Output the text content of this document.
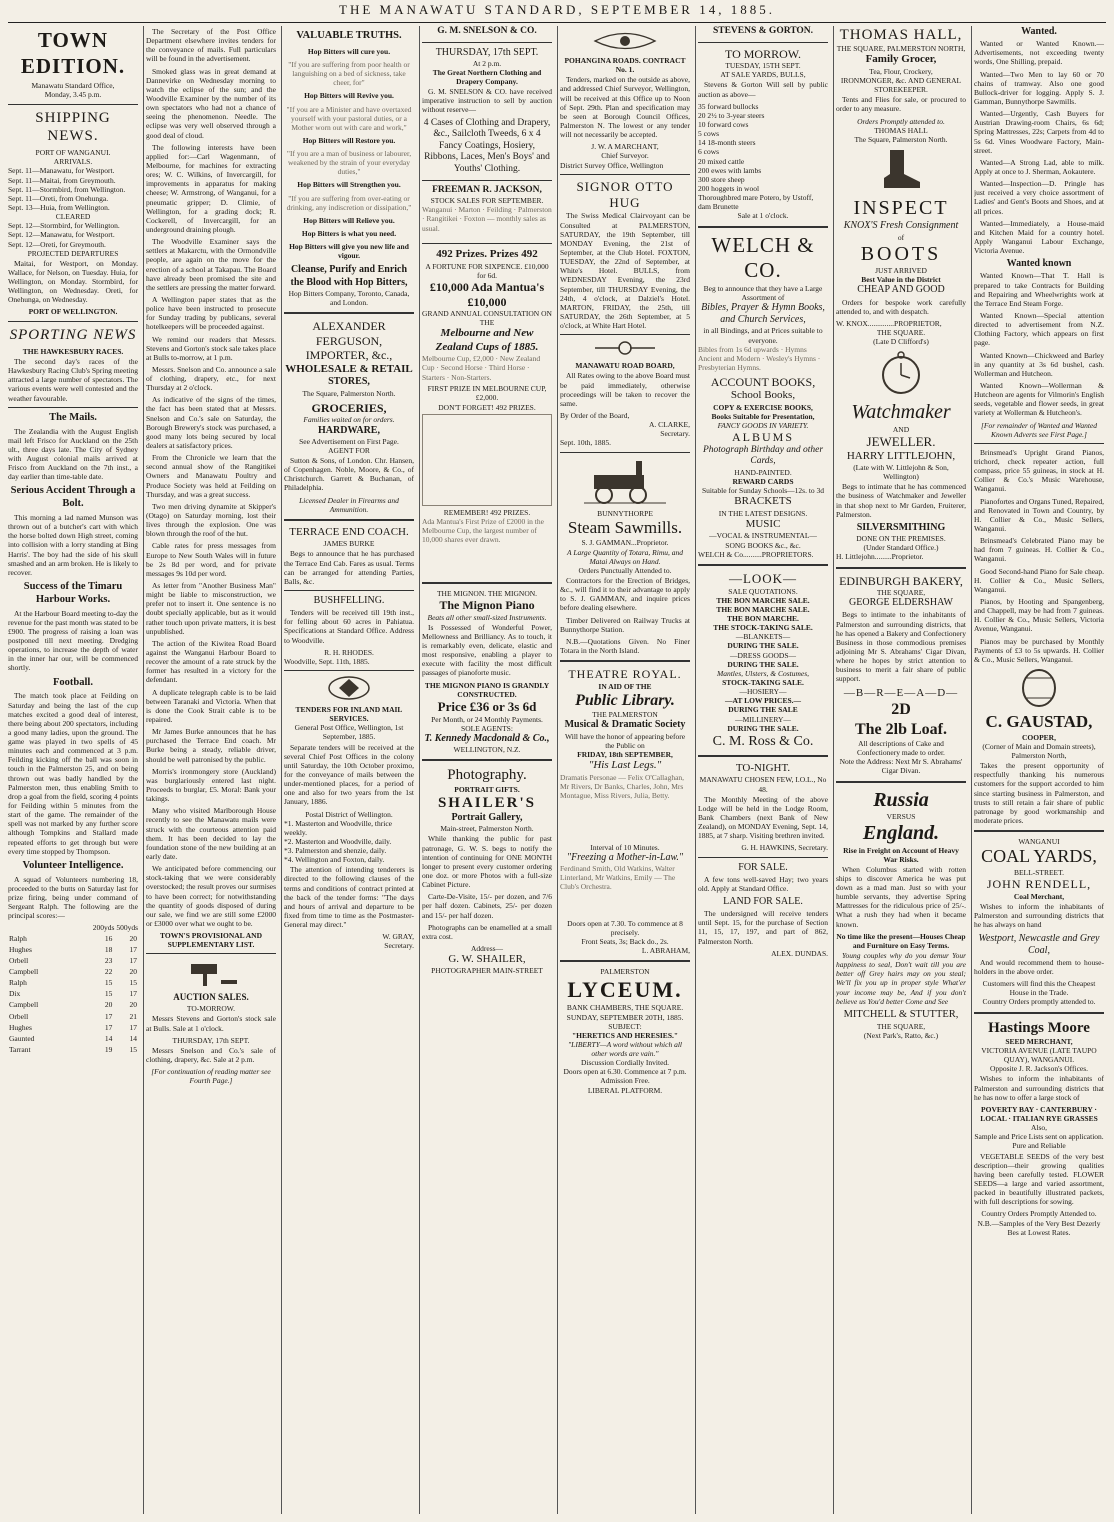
THE MANAWATU STANDARD, SEPTEMBER 14, 1885.
TOWN EDITION.
Manawatu Standard Office,
Monday, 3.45 p.m.
SHIPPING NEWS.
PORT OF WANGANUI.
ARRIVALS.
Sept. 11—Manawatu, for Westport.
Sept. 11—Maitai, from Greymouth.
Sept. 11—Stormbird, from Wellington.
Sept. 11—Oreti, from Onehunga.
Sept. 13—Huia, from Wellington.
CLEARED
Sept. 12—Stormbird, for Wellington.
Sept. 12—Manawatu, for Westport.
Sept. 12—Oreti, for Greymouth.
PROJECTED DEPARTURES

Maitai, for Westport, on Monday. Wallace, for Nelson, on Tuesday. Huia, for Wellington, on Monday. Stormbird, for Wellington, on Wednesday. Oreti, for Onehunga, on Wednesday.

PORT OF WELLINGTON.
SPORTING NEWS
THE HAWKESBURY RACES.

The second day's races of the Hawkesbury Racing Club's Spring meeting attracted a large number of spectators. The various events were well contested and the weather favourable.

The Mails.

The Zealandia with the August English mail left Frisco for Auckland on the 25th ult., three days late. The City of Sydney with August colonial mails arrived at Frisco from Auckland on the 7th inst., a day earlier than time-table date.

Serious Accident Through a Bolt.

This morning a lad named Munson was thrown out of a butcher's cart with which the horse bolted down High street, coming into collision with a lorry standing at Bing Harris'. The boy had the side of his skull smashed and an arm broken. He is likely to recover.

Success of the Timaru Harbour Works.

At the Harbour Board meeting to-day the revenue for the past month was stated to be £900. The progress of raising a loan was postponed till next meeting. Dredging operations, to increase the depth of water in the inner har our, will be commenced shortly.

Football.

The match took place at Feilding on Saturday and being the last of the cup matches excited a good deal of interest, there being about 200 spectators, including a good many ladies, upon the ground. The game was played in two spells of 45 minutes each and commenced at 3 p.m. Feilding kicking off the ball was soon in touch in the Palmerston 25, and on being thrown out was badly handled by the Palmerston men, thus enabling Smith to drop a goal from the field, scoring 4 points for Feilding within 5 minutes from the start of the game. The remainder of the spell was not marked by any further score although Tompkins and Stallard made repeated efforts to get through but were every time stopped by Thompson.

Volunteer Intelligence.

A squad of Volunteers numbering 18, proceeded to the butts on Saturday last for prize firing, being under command of Sergeant Ralph. The following are the principal scores:—

200yds 500yds
Ralph	16	20
Hughes	18	17
Orbell	23	17
Campbell	22	20
Ralph	15	15
Dix	15	17
Campbell	20	20
Orbell	17	21
Hughes	17	17
Gaunted	14	14
Tarrant	19	15

The Secretary of the Post Office Department elsewhere invites tenders for the conveyance of mails. Full particulars will be found in the advertisement.

Smoked glass was in great demand at Dannevirke on Wednesday morning to watch the eclipse of the sun; and the Woodville Examiner by the number of its own spectators who had not a chance of seeing the phenomenon. Needle. The eclipse was very well observed through a good deal of cloud.

The following interests have been applied for:—Carl Wagenmann, of Melbourne, for machines for extracting ores; W. C. Wilkins, of Invercargill, for improvements in apparatus for making cheese; W. Armstrong, of Wanganui, for a pneumatic gripper; D. Climie, of Wellington, for a grading dock; R. Cockerell, of Invercargill, for an underground draining plough.

The Woodville Examiner says the settlers at Makarctu, with the Ormondville people, are again on the move for the erection of a school at Takapau. The Board have already been promised the site and the settlers are pressing the matter forward.

A Wellington paper states that as the police have been instructed to prosecute for Sunday trading by publicans, several hotelkeepers will be proceeded against.

We remind our readers that Messrs. Stevens and Gorton's stock sale takes place at Bulls to-morrow, at 1 p.m.

Messrs. Snelson and Co. announce a sale of clothing, drapery, etc., for next Thursday at 2 o'clock.

As indicative of the signs of the times, the fact has been stated that at Messrs. Snelson and Co.'s sale on Saturday, the Borough Brewery's stock was purchased, a good many lots being secured by local dealers at satisfactory prices.

From the Chronicle we learn that the second annual show of the Rangitikei Owners and Manawatu Poultry and Produce Society was held at Feilding on Thursday, and was a great success.

Two men driving dynamite at Skipper's (Otago) on Saturday morning, lost their lives through the explosion. One was blown through the roof of the hut.

Cable rates for press messages from Europe to New South Wales will in future be 2s 8d per word, and for private messages 9s 10d per word.

As letter from "Another Business Man" might be liable to misconstruction, we prefer not to insert it. One sentence is no doubt specially applicable, but as it would rather touch upon private matters, it is best unpublished.

The action of the Kiwitea Road Board against the Wanganui Harbour Board to recover the amount of a rate struck by the former has resulted in a victory for the defendant.

A duplicate telegraph cable is to be laid between Taranaki and Victoria. When that is done the Cook Strait cable is to be repaired.

Mr James Burke announces that he has purchased the Terrace End coach. Mr Burke being a steady, reliable driver, should be well patronised by the public.

Morris's ironmongery store (Auckland) was burglariously entered last night. Proceeds to burglar, £5. Moral: Bank your takings.

Many who visited Marlborough House recently to see the Manawatu mails were struck with the courteous attention paid them. It has been decided to lay the foundation stone of the new building at an early date.

We anticipated before commencing our stock-taking that we were considerably overstocked; the result proves our surmises to have been correct; for notwithstanding the quantity of goods disposed of during our sale, we find we are still some £2000 or £3000 over what we ought to be.

TOWN'S PROVISIONAL AND SUPPLEMENTARY LIST.
AUCTION SALES.
TO-MORROW.

Messrs Stevens and Gorton's stock sale at Bulls. Sale at 1 o'clock.

THURSDAY, 17th SEPT.

Messrs Snelson and Co.'s sale of clothing, drapery, &c. Sale at 2 p.m.

[For continuation of reading matter see Fourth Page.]
VALUABLE TRUTHS.
Hop Bitters will cure you.
"If you are suffering from poor health or languishing on a bed of sickness, take cheer, for"
Hop Bitters will Revive you.
"If you are a Minister and have overtaxed yourself with your pastoral duties, or a Mother worn out with care and work,"
Hop Bitters will Restore you.
"If you are a man of business or labourer, weakened by the strain of your everyday duties,"
Hop Bitters will Strengthen you.
"If you are suffering from over-eating or drinking, any indiscretion or dissipation,"
Hop Bitters will Relieve you.
Hop Bitters is what you need.
Hop Bitters will give you new life and vigour.
Cleanse, Purify and Enrich the Blood with Hop Bitters,
Hop Bitters Company, Toronto, Canada, and London.
ALEXANDER FERGUSON,
IMPORTER, &c.,
WHOLESALE & RETAIL
STORES,
The Square, Palmerston North.
GROCERIES,
Families waited on for orders.
HARDWARE,
See Advertisement on First Page.
AGENT FOR

Sutton & Sons, of London. Chr. Hansen, of Copenhagen. Noble, Moore, & Co., of Christchurch. Garrett & Buchanan, of Philadelphia.

Licensed Dealer in Firearms and Ammunition.
TERRACE END COACH.
JAMES BURKE

Begs to announce that he has purchased the Terrace End Cab. Fares as usual. Terms can be arranged for attending Parties, Balls, &c.

BUSHFELLING.

Tenders will be received till 19th inst., for felling about 60 acres in Pahiatua. Specifications at Standard Office. Address to Woodville.

R. H. RHODES.
Woodville, Sept. 11th, 1885.
TENDERS FOR INLAND MAIL SERVICES.
General Post Office, Wellington, 1st September, 1885.

Separate tenders will be received at the several Chief Post Offices in the colony until Saturday, the 10th October proximo, for the conveyance of mails between the under-mentioned places, for a period of one and also for two years from the 1st January, 1886.

Postal District of Wellington.
*1. Masterton and Woodville, thrice weekly.
*2. Masterton and Woodville, daily.
*3. Palmerston and shenzie, daily.
*4. Wellington and Foxton, daily.

The attention of intending tenderers is directed to the following clauses of the terms and conditions of contract printed at the back of the tender forms: "The days and hours of arrival and departure to be fixed from time to time as the Postmaster-General may direct."

W. GRAY,
Secretary.
G. M. SNELSON & CO.
THURSDAY, 17th SEPT.
At 2 p.m.
The Great Northern Clothing and Drapery Company.

G. M. SNELSON & CO. have received imperative instruction to sell by auction without reserve—

4 Cases of Clothing and Drapery, &c., Sailcloth Tweeds, 6 x 4 Fancy Coatings, Hosiery, Ribbons, Laces, Men's Boys' and Youths' Clothing.

FREEMAN R. JACKSON,
STOCK SALES FOR SEPTEMBER.
Wanganui · Marton · Feilding · Palmerston · Rangitikei · Foxton — monthly sales as usual.
492 Prizes. Prizes 492
A FORTUNE FOR SIXPENCE. £10,000 for 6d.
£10,000 Ada Mantua's £10,000
GRAND ANNUAL CONSULTATION ON THE
Melbourne and New Zealand Cups of 1885.
Melbourne Cup, £2,000 · New Zealand Cup · Second Horse · Third Horse · Starters · Non-Starters.
FIRST PRIZE IN MELBOURNE CUP, £2,000.
DON'T FORGET! 492 PRIZES.
REMEMBER! 492 PRIZES.
Ada Mantua's First Prize of £2000 in the Melbourne Cup, the largest number of 10,000 shares ever drawn.
THE MIGNON. THE MIGNON.
The Mignon Piano
Beats all other small-sized Instruments.

Is Possessed of Wonderful Power, Mellowness and Brilliancy. As to touch, it is remarkably even, delicate, elastic and most responsive, enabling a player to execute with facility the most difficult passages of pianoforte music.

THE MIGNON PIANO IS GRANDLY CONSTRUCTED.
Price £36 or 3s 6d
Per Month, or 24 Monthly Payments.
SOLE AGENTS:
T. Kennedy Macdonald & Co.,
WELLINGTON, N.Z.
Photography.
PORTRAIT GIFTS.
SHAILER'S
Portrait Gallery,
Main-street, Palmerston North.

While thanking the public for past patronage, G. W. S. begs to notify the intention of continuing for ONE MONTH longer to present every customer ordering one doz. or more Photos with a full-size Cabinet Picture.

Carte-De-Visite, 15/- per dozen, and 7/6 per half dozen. Cabinets, 25/- per dozen and 15/- per half dozen.

Photographs can be enamelled at a small extra cost.

Address—
G. W. SHAILER,
PHOTOGRAPHER MAIN-STREET
POHANGINA ROADS. CONTRACT No. 1.

Tenders, marked on the outside as above, and addressed Chief Surveyor, Wellington, will be received at this Office up to Noon of Sept. 29th. Plan and specification may be seen at Borough Council Offices, Palmerston N. The lowest or any tender will not necessarily be accepted.

J. W. A MARCHANT,
Chief Surveyor.
District Survey Office, Wellington
SIGNOR OTTO HUG

The Swiss Medical Clairvoyant can be Consulted at PALMERSTON, SATURDAY, the 19th September, till MONDAY Evening, the 21st of September, at the Club Hotel. FOXTON, TUESDAY, the 22nd of September, at White's Hotel. BULLS, from WEDNESDAY Evening, the 23rd September, till THURSDAY Evening, the 24th, 4 o'clock, at Dalziel's Hotel. MARTON, FRIDAY, the 25th, till SATURDAY, the 26th September, at 5 o'clock, at White Hart Hotel.

MANAWATU ROAD BOARD,

All Rates owing to the above Board must be paid immediately, otherwise proceedings will be taken to recover the same.

By Order of the Board,
A. CLARKE,
Secretary.
Sept. 10th, 1885.
BUNNYTHORPE
Steam Sawmills.
S. J. GAMMAN...Proprietor.
A Large Quantity of Totara, Rimu, and Matai Always on Hand.
Orders Punctually Attended to.

Contractors for the Erection of Bridges, &c., will find it to their advantage to apply to S. J. GAMMAN, and inquire prices before dealing elsewhere.

Timber Delivered on Railway Trucks at Bunnythorpe Station.

N.B.—Quotations Given. No Finer Totara in the North Island.

THEATRE ROYAL.
IN AID OF THE
Public Library.
THE PALMERSTON
Musical & Dramatic Society
Will have the honor of appearing before the Public on
FRIDAY, 18th SEPTEMBER,
"His Last Legs."
Dramatis Personae — Felix O'Callaghan, Mr Rivers, Dr Banks, Charles, John, Mrs Montague, Miss Rivers, Julia, Betty.
Interval of 10 Minutes.
"Freezing a Mother-in-Law."
Ferdinand Smith, Old Watkins, Walter Linterland, Mr Watkins, Emily — The Club's Orchestra.
Doors open at 7.30. To commence at 8 precisely.
Front Seats, 3s; Back do., 2s.
L. ABRAHAM,
PALMERSTON
LYCEUM.
BANK CHAMBERS, THE SQUARE.
SUNDAY, SEPTEMBER 20TH, 1885.
SUBJECT:
"HERETICS AND HERESIES."
"LIBERTY—A word without which all other words are vain."
Discussion Cordially Invited.
Doors open at 6.30. Commence at 7 p.m.
Admission Free.
LIBERAL PLATFORM.
STEVENS & GORTON.
TO MORROW.
TUESDAY, 15TH SEPT.
AT SALE YARDS, BULLS,

Stevens & Gorton Will sell by public auction as above—

35 forward bullocks
20 2½ to 3-year steers
10 forward cows
5 cows
14 18-month steers
6 cows
20 mixed cattle
200 ewes with lambs
300 store sheep
200 hoggets in wool
Thoroughbred mare Potero, by Ustoff, dam Brunette
Sale at 1 o'clock.
WELCH & CO.
Beg to announce that they have a Large Assortment of
Bibles, Prayer & Hymn Books, and Church Services,
in all Bindings, and at Prices suitable to everyone.
Bibles from 1s 6d upwards · Hymns Ancient and Modern · Wesley's Hymns · Presbyterian Hymns.
ACCOUNT BOOKS,
School Books,
COPY & EXERCISE BOOKS,
Books Suitable for Presentation,
FANCY GOODS IN VARIETY.
ALBUMS
Photograph Birthday and other Cards,
HAND-PAINTED.
REWARD CARDS
Suitable for Sunday Schools—12s. to 3d
BRACKETS
IN THE LATEST DESIGNS.
MUSIC
—VOCAL & INSTRUMENTAL—
SONG BOOKS &c., &c.
WELCH & Co..........PROPRIETORS.
—LOOK—
SALE QUOTATIONS.
THE BON MARCHE SALE.
THE BON MARCHE SALE.
THE BON MARCHE.
THE STOCK-TAKING SALE.
—BLANKETS—
DURING THE SALE.
—DRESS GOODS—
DURING THE SALE.
Mantles, Ulsters, & Costumes,
STOCK-TAKING SALE.
—HOSIERY—
—AT LOW PRICES.—
DURING THE SALE
—MILLINERY—
DURING THE SALE.
C. M. Ross & Co.
TO-NIGHT.
MANAWATU CHOSEN FEW, I.O.L., No 48.

The Monthly Meeting of the above Lodge will be held in the Lodge Room, Bank Chambers (next Bank of New Zealand), on MONDAY Evening, Sept. 14, 1885, at 7 sharp. Visiting brethren invited.

G. H. HAWKINS, Secretary.
FOR SALE.

A few tons well-saved Hay; two years old. Apply at Standard Office.

LAND FOR SALE.

The undersigned will receive tenders until Sept. 15, for the purchase of Section 11, 15, 17, 197, and part of 862, Palmerston North.

ALEX. DUNDAS.
THOMAS HALL,
THE SQUARE, PALMERSTON NORTH,
Family Grocer,
Tea, Flour, Crockery,
IRONMONGER, &c. AND GENERAL
STOREKEEPER.

Tents and Flies for sale, or procured to order to any measure.

Orders Promptly attended to.
THOMAS HALL
The Square, Palmerston North.
INSPECT
KNOX'S Fresh Consignment
of
BOOTS
JUST ARRIVED
Best Value in the District
CHEAP AND GOOD

Orders for bespoke work carefully attended to, and with despatch.

W. KNOX..............PROPRIETOR,
THE SQUARE.
(Late D Clifford's)
Watchmaker
AND
JEWELLER.
HARRY LITTLEJOHN,
(Late with W. Littlejohn & Son, Wellington)

Begs to intimate that he has commenced the business of Watchmaker and Jeweller in that shop next to Mr Garden, Fruiterer, Palmerston.

SILVERSMITHING
DONE ON THE PREMISES.
(Under Standard Office.)
H. Littlejohn.........Proprietor.
EDINBURGH BAKERY,
THE SQUARE,
GEORGE ELDERSHAW

Begs to intimate to the inhabitants of Palmerston and surrounding districts, that he has opened a Bakery and Confectionery Business in those commodious premises adjoining Mr S. Abrahams' Cigar Divan, where he hopes by strict attention to business to merit a fair share of public support.

—B—R—E—A—D—
2D
The 2lb Loaf.
All descriptions of Cake and Confectionery made to order.
Note the Address: Next Mr S. Abrahams' Cigar Divan.
Russia
VERSUS
England.
Rise in Freight on Account of Heavy War Risks.

When Columbus started with rotten ships to discover America he was put down as a mad man. Just so with your humble servants, they advertise Spring Mattresses for the ridiculous price of 25/-. What a rush they had when it became known.

No time like the present—Houses Cheap and Furniture on Easy Terms.

Young couples why do you demur Your happiness to seal, Don't wait till you are better off Grey hairs may on you steal; We'll fix you up in proper style What'er your income may be, And if you don't believe us You'd better Come and See

MITCHELL & STUTTER,
THE SQUARE,
(Next Park's, Ratto, &c.)
Wanted.

Wanted or Wanted Known.—Advertisements, not exceeding twenty words, One Shilling, prepaid.

Wanted—Two Men to lay 60 or 70 chains of tramway. Also one good Bullock-driver for logging. Apply S. J. Gamman, Bunnythorpe Sawmills.

Wanted—Urgently, Cash Buyers for Austrian Drawing-room Chairs, 6s 6d; Spring Mattresses, 22s; Carpets from 4d to 5s 6d. Vines Woodware Factory, Main-street.

Wanted—A Strong Lad, able to milk. Apply at once to J. Sherman, Aokautere.

Wanted—Inspection—D. Pringle has just received a very choice assortment of Ladies' and Gent's Boots and Shoes, and at all prices.

Wanted—Immediately, a House-maid and Kitchen Maid for a country hotel. Apply Wanganui Labour Exchange, Victoria Avenue.

Wanted known

Wanted Known—That T. Hall is prepared to take Contracts for Building and Repairing and Wheelwrights work at the Terrace End Steam Forge.

Wanted Known—Special attention directed to advertisement from N.Z. Clothing Factory, which appears on first page.

Wanted Known—Chickweed and Barley in any quantity at 3s 6d bushel, cash. Wollerman and Hutcheon.

Wanted Known—Wollerman & Hutcheon are agents for Vilmorin's English seeds, vegetable and flower seeds, in great variety at Wollerman & Hutcheon's.

[For remainder of Wanted and Wanted Known Adverts see First Page.]

Brinsmead's Upright Grand Pianos, trichord, check repeater action, full compass, price 55 guineas, in stock at H. Collier & Co.'s Music Warehouse, Wanganui.

Pianofortes and Organs Tuned, Repaired, and Renovated in Town and Country, by H. Collier & Co., Music Sellers, Wanganui.

Brinsmead's Celebrated Piano may be had from 7 guineas. H. Collier & Co., Wanganui.

Good Second-hand Piano for Sale cheap. H. Collier & Co., Music Sellers, Wanganui.

Pianos, by Hooting and Spangenberg, and Chappell, may be had from 7 guineas. H. Collier & Co., Music Sellers, Victoria Avenue, Wanganui.

Pianos may be purchased by Monthly Payments of £3 to 5s upwards. H. Collier & Co., Music Sellers, Wanganui.

C. GAUSTAD,
COOPER,
(Corner of Main and Domain streets), Palmerston North,

Takes the present opportunity of respectfully thanking his numerous customers for the support accorded to him since starting business in Palmerston, and trusts to still retain a fair share of public patronage by good workmanship and moderate prices.

WANGANUI
COAL YARDS,
BELL-STREET.
JOHN RENDELL,
Coal Merchant,

Wishes to inform the inhabitants of Palmerston and surrounding districts that he has always on hand

Westport, Newcastle and Grey Coal,

And would recommend them to house-holders in the above order.

Customers will find this the Cheapest House in the Trade.
Country Orders promptly attended to.
Hastings Moore
SEED MERCHANT,
VICTORIA AVENUE (LATE TAUPO QUAY), WANGANUI.
Opposite J. R. Jackson's Offices.

Wishes to inform the inhabitants of Palmerston and surrounding districts that he has now to offer a large stock of

POVERTY BAY · CANTERBURY · LOCAL · ITALIAN RYE GRASSES
Also,
Sample and Price Lists sent on application.
Pure and Reliable

VEGETABLE SEEDS of the very best description—their growing qualities having been carefully tested. FLOWER SEEDS—a large and varied assortment, packed in beautifully illustrated packets, with full descriptions for sowing.

Country Orders Promptly Attended to.
N.B.—Samples of the Very Best Dezerly Bes at Lowest Rates.
